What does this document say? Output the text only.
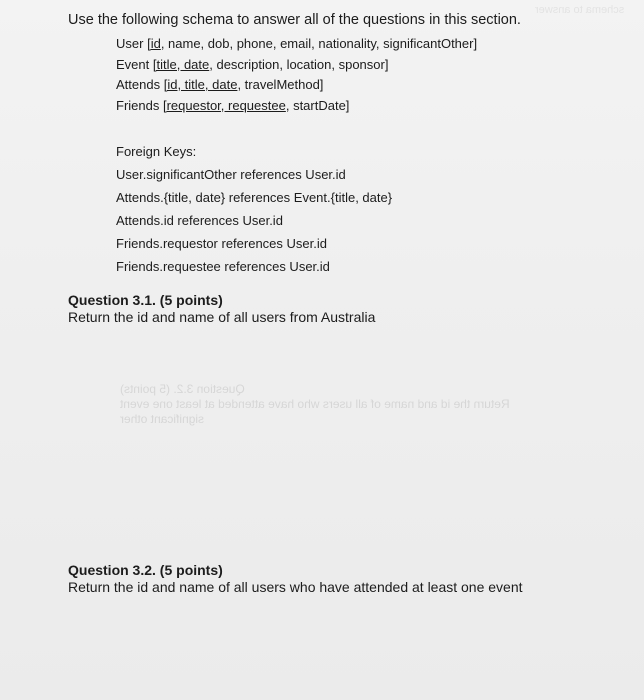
schema to answer
Use the following schema to answer all of the questions in this section.
User [id, name, dob, phone, email, nationality, significantOther]
Event [title, date, description, location, sponsor]
Attends [id, title, date, travelMethod]
Friends [requestor, requestee, startDate]
Foreign Keys:
User.significantOther references User.id
Attends.{title, date} references Event.{title, date}
Attends.id references User.id
Friends.requestor references User.id
Friends.requestee references User.id
Question 3.1. (5 points)
Return the id and name of all users from Australia
Question 3.2. (5 points)
Return the id and name of all users who have attended at least one event
significant other
Question 3.2. (5 points)
Return the id and name of all users who have attended at least one event
